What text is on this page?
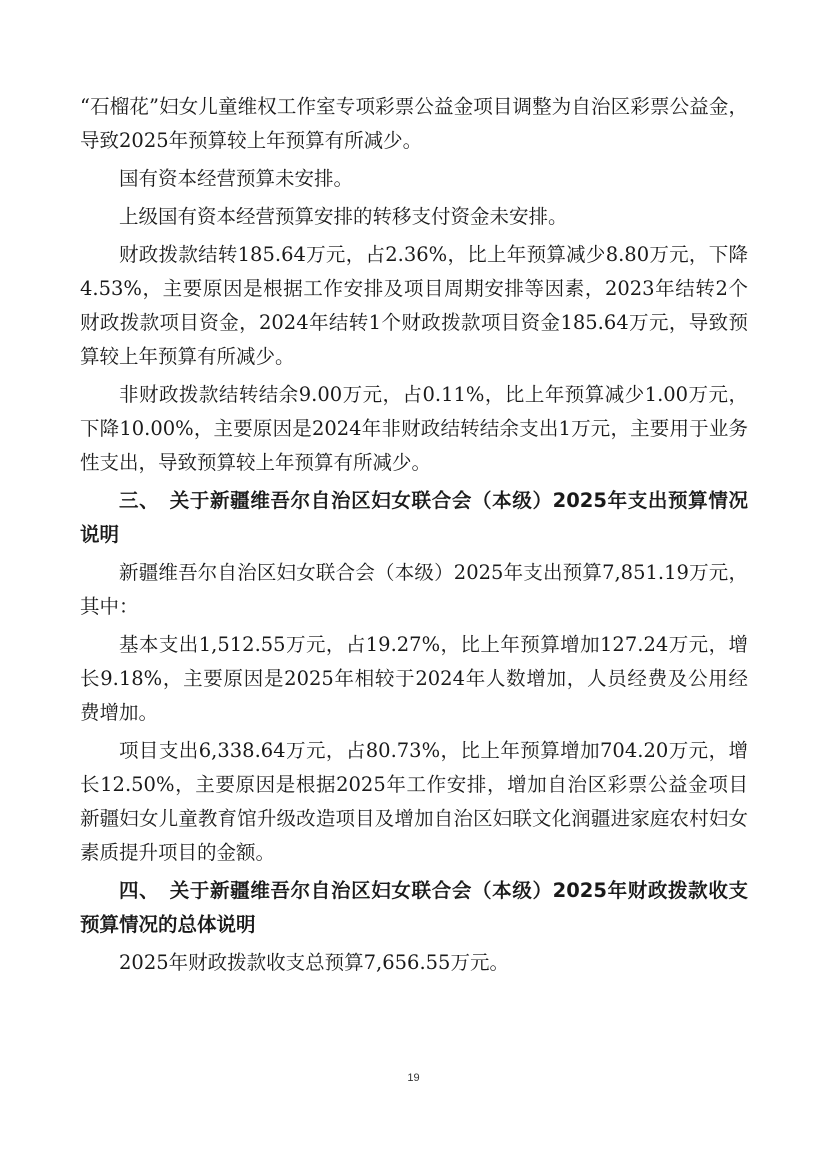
“石榴花”妇女儿童维权工作室专项彩票公益金项目调整为自治区彩票公益金，导致2025年预算较上年预算有所减少。

国有资本经营预算未安排。

上级国有资本经营预算安排的转移支付资金未安排。

财政拨款结转185.64万元，占2.36%，比上年预算减少8.80万元，下降4.53%，主要原因是根据工作安排及项目周期安排等因素，2023年结转2个财政拨款项目资金，2024年结转1个财政拨款项目资金185.64万元，导致预算较上年预算有所减少。

非财政拨款结转结余9.00万元，占0.11%，比上年预算减少1.00万元，下降10.00%，主要原因是2024年非财政结转结余支出1万元，主要用于业务性支出，导致预算较上年预算有所减少。

三、　关于新疆维吾尔自治区妇女联合会（本级）2025年支出预算情况说明

新疆维吾尔自治区妇女联合会（本级）2025年支出预算7,851.19万元，其中：

基本支出1,512.55万元，占19.27%，比上年预算增加127.24万元，增长9.18%，主要原因是2025年相较于2024年人数增加，人员经费及公用经费增加。

项目支出6,338.64万元，占80.73%，比上年预算增加704.20万元，增长12.50%，主要原因是根据2025年工作安排，增加自治区彩票公益金项目新疆妇女儿童教育馆升级改造项目及增加自治区妇联文化润疆进家庭农村妇女素质提升项目的金额。

四、　关于新疆维吾尔自治区妇女联合会（本级）2025年财政拨款收支预算情况的总体说明

2025年财政拨款收支总预算7,656.55万元。

19
